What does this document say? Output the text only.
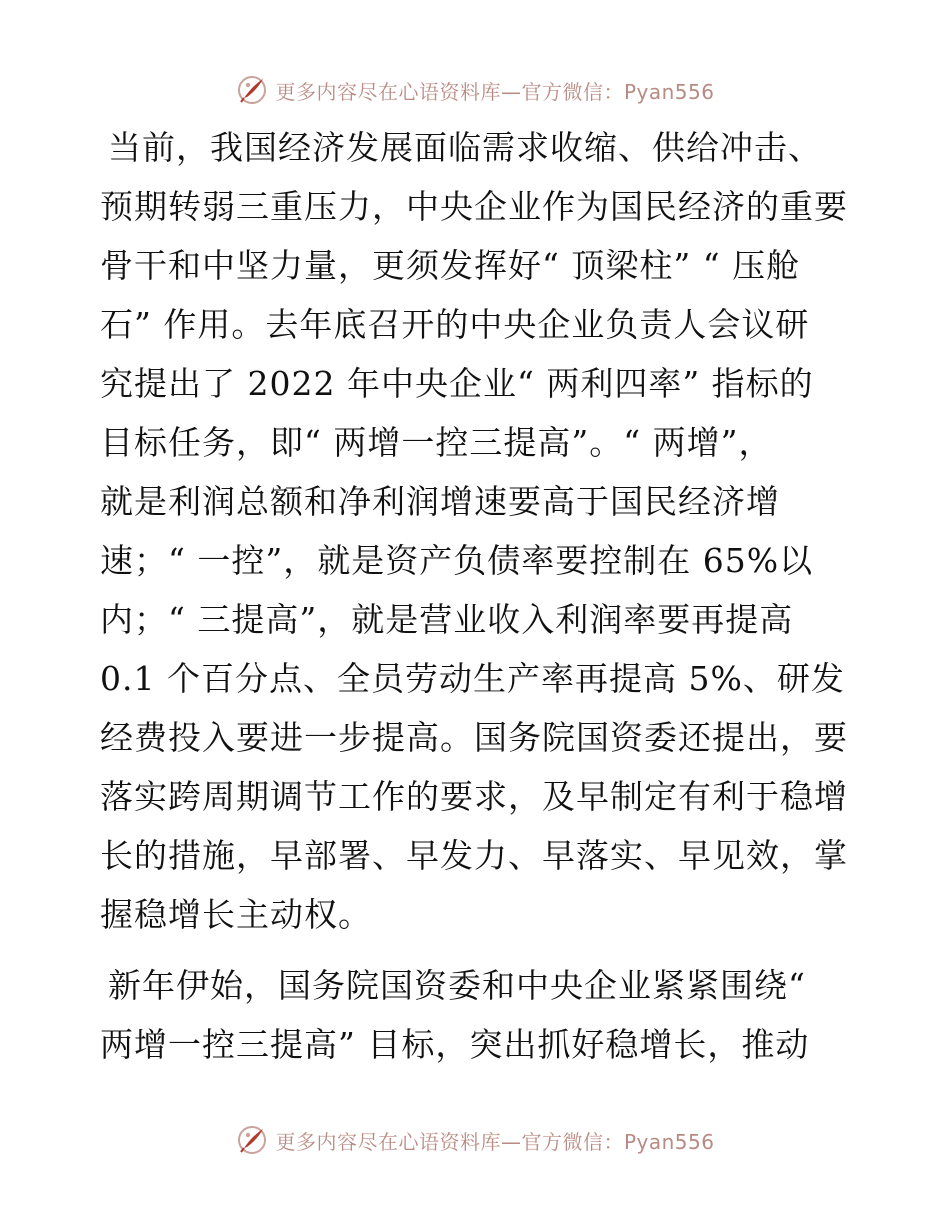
更多内容尽在心语资料库—官方微信：Pyan556
当前，我国经济发展面临需求收缩、供给冲击、
预期转弱三重压力，中央企业作为国民经济的重要
骨干和中坚力量，更须发挥好“ 顶梁柱” “ 压舱
石” 作用。去年底召开的中央企业负责人会议研
究提出了 2022 年中央企业“ 两利四率” 指标的
目标任务，即“ 两增一控三提高”。“ 两增”，
就是利润总额和净利润增速要高于国民经济增
速；“ 一控”，就是资产负债率要控制在 65%以
内；“ 三提高”，就是营业收入利润率要再提高
0.1 个百分点、全员劳动生产率再提高 5%、研发
经费投入要进一步提高。国务院国资委还提出，要
落实跨周期调节工作的要求，及早制定有利于稳增
长的措施，早部署、早发力、早落实、早见效，掌
握稳增长主动权。
新年伊始，国务院国资委和中央企业紧紧围绕“
两增一控三提高” 目标，突出抓好稳增长，推动
更多内容尽在心语资料库—官方微信：Pyan556
